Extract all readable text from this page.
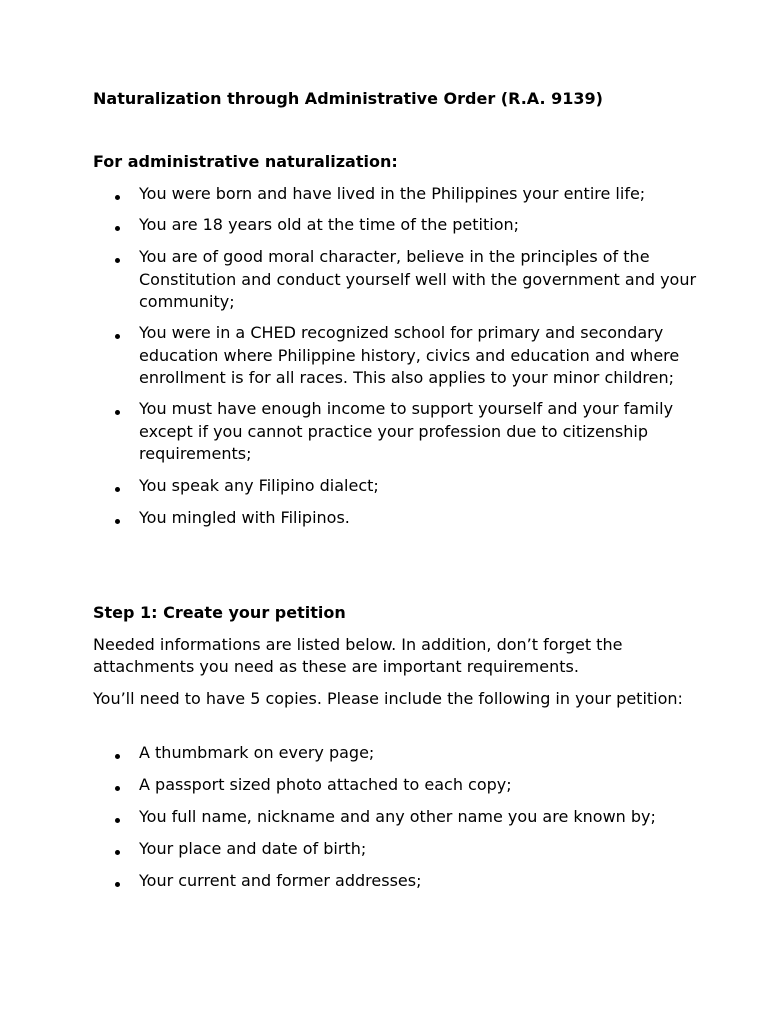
Naturalization through Administrative Order (R.A. 9139)
For administrative naturalization:
You were born and have lived in the Philippines your entire life;
You are 18 years old at the time of the petition;
You are of good moral character, believe in the principles of the Constitution and conduct yourself well with the government and your community;
You were in a CHED recognized school for primary and secondary education where Philippine history, civics and education and where enrollment is for all races. This also applies to your minor children;
You must have enough income to support yourself and your family except if you cannot practice your profession due to citizenship requirements;
You speak any Filipino dialect;
You mingled with Filipinos.
Step 1: Create your petition

Needed informations are listed below. In addition, don’t forget the attachments you need as these are important requirements.

You’ll need to have 5 copies. Please include the following in your petition:

A thumbmark on every page;
A passport sized photo attached to each copy;
You full name, nickname and any other name you are known by;
Your place and date of birth;
Your current and former addresses;
